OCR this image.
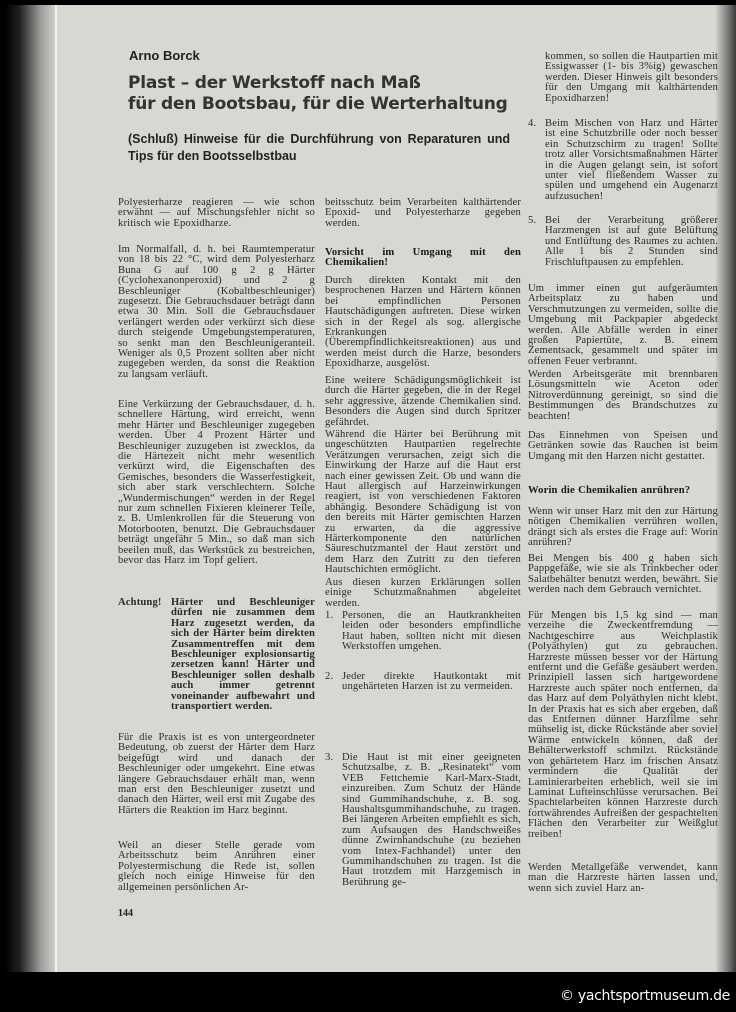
Arno Borck
Plast – der Werkstoff nach Maß
für den Bootsbau, für die Werterhaltung
(Schluß) Hinweise für die Durchführung von Reparaturen und Tips für den Bootsselbstbau

Polyesterharze reagieren — wie schon erwähnt — auf Mischungsfehler nicht so kritisch wie Epoxidharze.

Im Normalfall, d. h. bei Raumtemperatur von 18 bis 22 °C, wird dem Polyesterharz Buna G auf 100 g 2 g Härter (Cyclohexanonperoxid) und 2 g Beschleuniger (Kobaltbeschleuniger) zugesetzt. Die Gebrauchsdauer beträgt dann etwa 30 Min. Soll die Gebrauchsdauer verlängert werden oder verkürzt sich diese durch steigende Umgebungstemperaturen, so senkt man den Beschleunigeranteil. Weniger als 0,5 Prozent sollten aber nicht zugegeben werden, da sonst die Reaktion zu langsam verläuft.

Eine Verkürzung der Gebrauchsdauer, d. h. schnellere Härtung, wird erreicht, wenn mehr Härter und Beschleuniger zugegeben werden. Über 4 Prozent Härter und Beschleuniger zuzugeben ist zwecklos, da die Härtezeit nicht mehr wesentlich verkürzt wird, die Eigenschaften des Gemisches, besonders die Wasserfestigkeit, sich aber stark verschlechtern. Solche „Wundermischungen“ werden in der Regel nur zum schnellen Fixieren kleinerer Teile, z. B. Umlenkrollen für die Steuerung von Motorbooten, benutzt. Die Gebrauchsdauer beträgt ungefähr 5 Min., so daß man sich beeilen muß, das Werkstück zu bestreichen, bevor das Harz im Topf geliert.

Achtung! Härter und Beschleuniger dürfen nie zusammen dem Harz zugesetzt werden, da sich der Härter beim direkten Zusammentreffen mit dem Beschleuniger explosionsartig zersetzen kann! Härter und Beschleuniger sollen deshalb auch immer getrennt voneinander aufbewahrt und transportiert werden.

Für die Praxis ist es von untergeordneter Bedeutung, ob zuerst der Härter dem Harz beigefügt wird und danach der Beschleuniger oder umgekehrt. Eine etwas längere Gebrauchsdauer erhält man, wenn man erst den Beschleuniger zusetzt und danach den Härter, weil erst mit Zugabe des Härters die Reaktion im Harz beginnt.

Weil an dieser Stelle gerade vom Arbeitsschutz beim Anrühren einer Polyestermischung die Rede ist, sollen gleich noch einige Hinweise für den allgemeinen persönlichen Ar-

beitsschutz beim Verarbeiten kalthärtender Epoxid- und Polyesterharze gegeben werden.

Vorsicht im Umgang mit den Chemikalien!

Durch direkten Kontakt mit den besprochenen Harzen und Härtern können bei empfindlichen Personen Hautschädigungen auftreten. Diese wirken sich in der Regel als sog. allergische Erkrankungen (Überempfindlichkeitsreaktionen) aus und werden meist durch die Harze, besonders Epoxidharze, ausgelöst.

Eine weitere Schädigungsmöglichkeit ist durch die Härter gegeben, die in der Regel sehr aggressive, ätzende Chemikalien sind. Besonders die Augen sind durch Spritzer gefährdet.

Während die Härter bei Berührung mit ungeschützten Hautpartien regelrechte Verätzungen verursachen, zeigt sich die Einwirkung der Harze auf die Haut erst nach einer gewissen Zeit. Ob und wann die Haut allergisch auf Harzeinwirkungen reagiert, ist von verschiedenen Faktoren abhängig. Besondere Schädigung ist von den bereits mit Härter gemischten Harzen zu erwarten, da die aggressive Härterkomponente den natürlichen Säureschutzmantel der Haut zerstört und dem Harz den Zutritt zu den tieferen Hautschichten ermöglicht.

Aus diesen kurzen Erklärungen sollen einige Schutzmaßnahmen abgeleitet werden.

1. Personen, die an Hautkrankheiten leiden oder besonders empfindliche Haut haben, sollten nicht mit diesen Werkstoffen umgehen.
2. Jeder direkte Hautkontakt mit ungehärteten Harzen ist zu vermeiden.
3. Die Haut ist mit einer geeigneten Schutzsalbe, z. B. „Resinatekt“ vom VEB Fettchemie Karl-Marx-Stadt, einzureiben. Zum Schutz der Hände sind Gummihandschuhe, z. B. sog. Haushaltsgummihandschuhe, zu tragen. Bei längeren Arbeiten empfiehlt es sich, zum Aufsaugen des Handschweißes dünne Zwirnhandschuhe (zu beziehen vom Intex-Fachhandel) unter den Gummihandschuhen zu tragen. Ist die Haut trotzdem mit Harzgemisch in Berührung ge-
kommen, so sollen die Hautpartien mit Essigwasser (1- bis 3%ig) gewaschen werden. Dieser Hinweis gilt besonders für den Umgang mit kalthärtenden Epoxidharzen!
4. Beim Mischen von Harz und Härter ist eine Schutzbrille oder noch besser ein Schutzschirm zu tragen! Sollte trotz aller Vorsichtsmaßnahmen Härter in die Augen gelangt sein, ist sofort unter viel fließendem Wasser zu spülen und umgehend ein Augenarzt aufzusuchen!
5. Bei der Verarbeitung größerer Harzmengen ist auf gute Belüftung und Entlüftung des Raumes zu achten. Alle 1 bis 2 Stunden sind Frischluftpausen zu empfehlen.

Um immer einen gut aufgeräumten Arbeitsplatz zu haben und Verschmutzungen zu vermeiden, sollte die Umgebung mit Packpapier abgedeckt werden. Alle Abfälle werden in einer großen Papiertüte, z. B. einem Zementsack, gesammelt und später im offenen Feuer verbrannt.

Werden Arbeitsgeräte mit brennbaren Lösungsmitteln wie Aceton oder Nitroverdünnung gereinigt, so sind die Bestimmungen des Brandschutzes zu beachten!

Das Einnehmen von Speisen und Getränken sowie das Rauchen ist beim Umgang mit den Harzen nicht gestattet.

Worin die Chemikalien anrühren?

Wenn wir unser Harz mit den zur Härtung nötigen Chemikalien verrühren wollen, drängt sich als erstes die Frage auf: Worin anrühren?

Bei Mengen bis 400 g haben sich Pappgefäße, wie sie als Trinkbecher oder Salatbehälter benutzt werden, bewährt. Sie werden nach dem Gebrauch vernichtet.

Für Mengen bis 1,5 kg sind — man verzeihe die Zweckentfremdung — Nachtgeschirre aus Weichplastik (Polyäthylen) gut zu gebrauchen. Harzreste müssen besser vor der Härtung entfernt und die Gefäße gesäubert werden. Prinzipiell lassen sich hartgewordene Harzreste auch später noch entfernen, da das Harz auf dem Polyäthylen nicht klebt. In der Praxis hat es sich aber ergeben, daß das Entfernen dünner Harzfilme sehr mühselig ist, dicke Rückstände aber soviel Wärme entwickeln können, daß der Behälterwerkstoff schmilzt. Rückstände von gehärtetem Harz im frischen Ansatz vermindern die Qualität der Laminierarbeiten erheblich, weil sie im Laminat Lufteinschlüsse verursachen. Bei Spachtelarbeiten können Harzreste durch fortwährendes Aufreißen der gespachtelten Flächen den Verarbeiter zur Weißglut treiben!

Werden Metallgefäße verwendet, kann man die Harzreste härten lassen und, wenn sich zuviel Harz an-

144
© yachtsportmuseum.de
